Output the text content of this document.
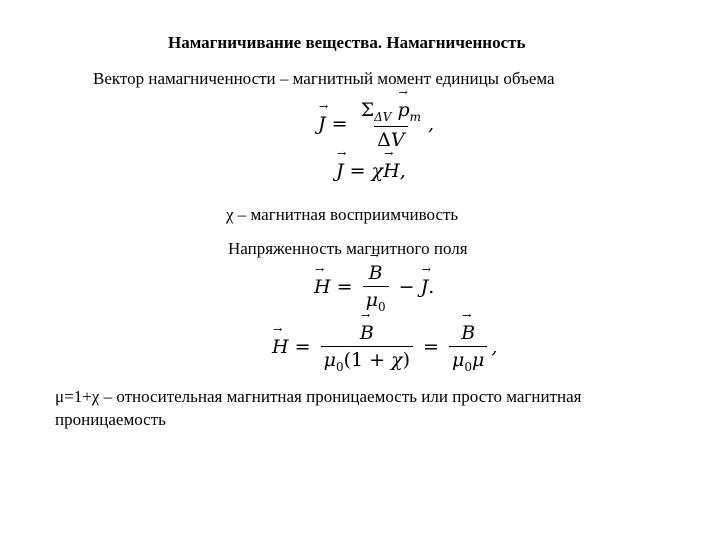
Намагничивание вещества. Намагниченность
Вектор намагниченности – магнитный момент единицы объема
→ $J = \frac{\Sigma_{\Delta V} \to p_m}{\Delta V}$ ,
→ J = χ→ H,
χ – магнитная восприимчивость
Напряженность магнитного поля
→ H = → $\frac{B}{\mu_0}$ − → J.
→ H = → $\frac{B}{\mu_0(1 + \chi)}$ = → $\frac{B}{\mu_0\mu}$ ,
μ=1+χ – относительная магнитная проницаемость или просто магнитная
проницаемость
